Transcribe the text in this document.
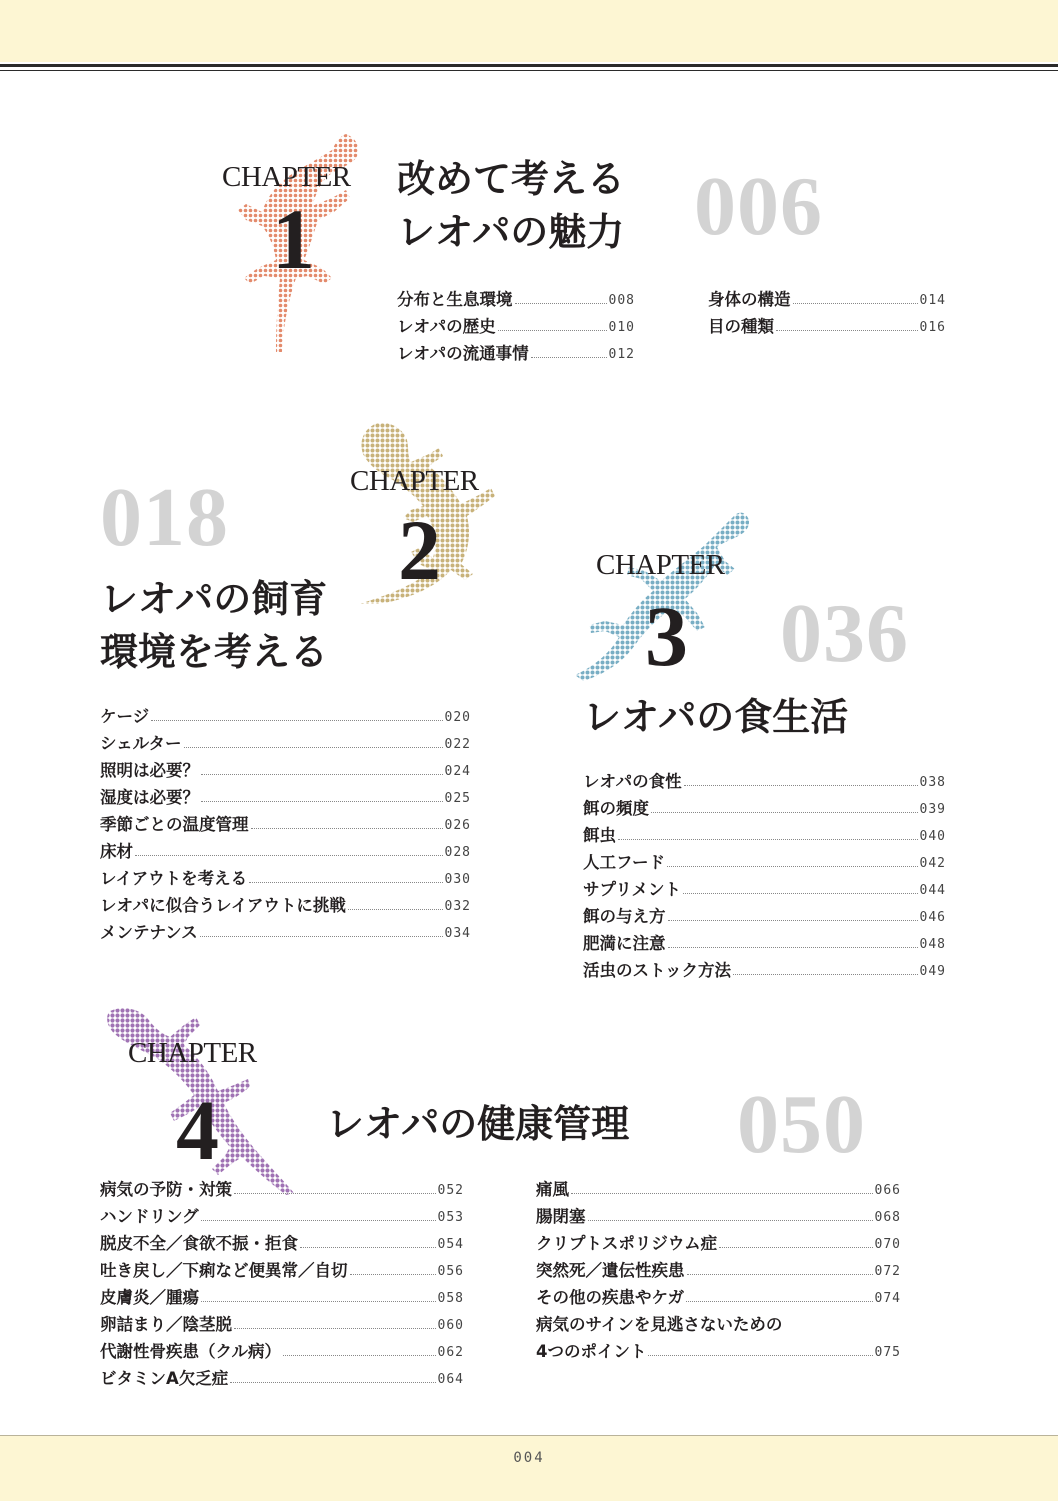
CHAPTER
1
改めて考える
レオパの魅力 006
分布と生息環境	008
レオパの歴史	010
レオパの流通事情	012
身体の構造	014
目の種類	016
018	CHAPTER
2
レオパの飼育
環境を考える
ケージ	020
シェルター	022
照明は必要？	024
湿度は必要？	025
季節ごとの温度管理	026
床材	028
レイアウトを考える	030
レオパに似合うレイアウトに挑戦	032
メンテナンス	034
CHAPTER
3 036
レオパの食生活
レオパの食性	038
餌の頻度	039
餌虫	040
人工フード	042
サプリメント	044
餌の与え方	046
肥満に注意	048
活虫のストック方法	049
CHAPTER
4	レオパの健康管理 050
病気の予防・対策	052
ハンドリング	053
脱皮不全／食欲不振・拒食	054
吐き戻し／下痢など便異常／自切	056
皮膚炎／腫瘍	058
卵詰まり／陰茎脱	060
代謝性骨疾患（クル病）	062
ビタミンA欠乏症	064
痛風	066
腸閉塞	068
クリプトスポリジウム症	070
突然死／遺伝性疾患	072
その他の疾患やケガ	074
病気のサインを見逃さないための
4つのポイント	075
004
